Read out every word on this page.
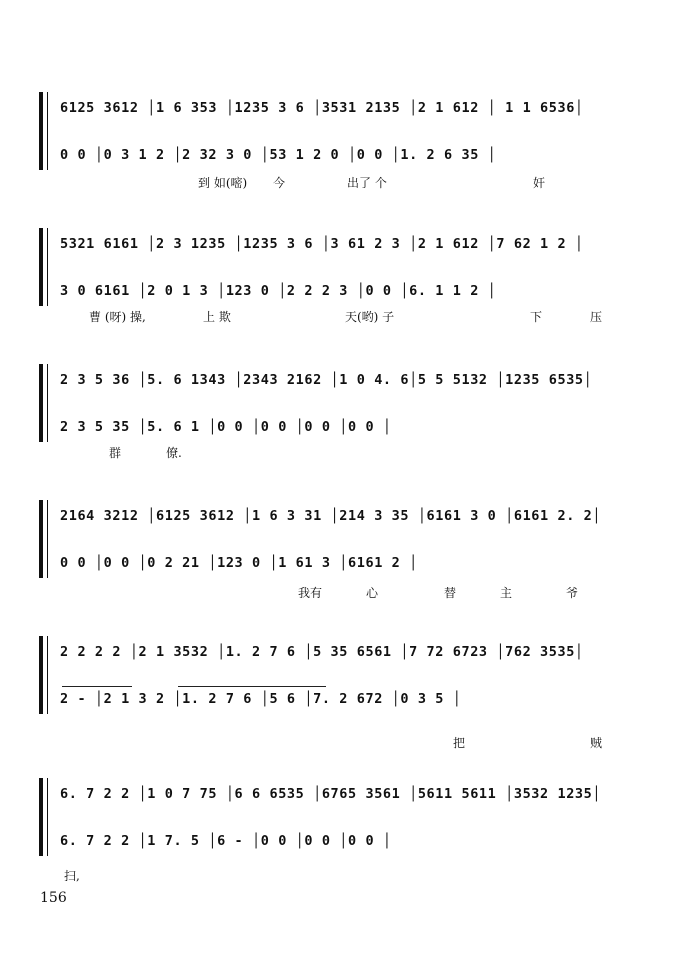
6125 3612 │1 6 353 │1235 3 6 │3531 2135 │2 1 612 │ 1 1 6536│
0 0 │0 3 1 2 │2 32 3 0 │53 1 2 0 │0 0 │1. 2 6 35 │
到 如(嘧) 今	出了 个	奸
5321 6161 │2 3 1235 │1235 3 6 │3 61 2 3 │2 1 612 │7 62 1 2 │
3 0 6161 │2 0 1 3 │123 0 │2 2 2 3 │0 0 │6. 1 1 2 │
曹 (呀) 操,	上 欺	天(哟) 子	下	压
2 3 5 36 │5. 6 1343 │2343 2162 │1 0 4. 6│5 5 5132 │1235 6535│
2 3 5 35 │5. 6 1 │0 0 │0 0 │0 0 │0 0 │
群	僚.
2164 3212 │6125 3612 │1 6 3 31 │214 3 35 │6161 3 0 │6161 2. 2│
0 0 │0 0 │0 2 21 │123 0 │1 61 3 │6161 2 │
我有	心	替	主	爷
2 2 2 2 │2 1 3532 │1. 2 7 6 │5 35 6561 │7 72 6723 │762 3535│
2 - │2 1 3 2 │1. 2 7 6 │5 6 │7. 2 672 │0 3 5 │
把	贼
6. 7 2 2 │1 0 7 75 │6 6 6535 │6765 3561 │5611 5611 │3532 1235│
6. 7 2 2 │1 7. 5 │6 - │0 0 │0 0 │0 0 │
扫,
156
